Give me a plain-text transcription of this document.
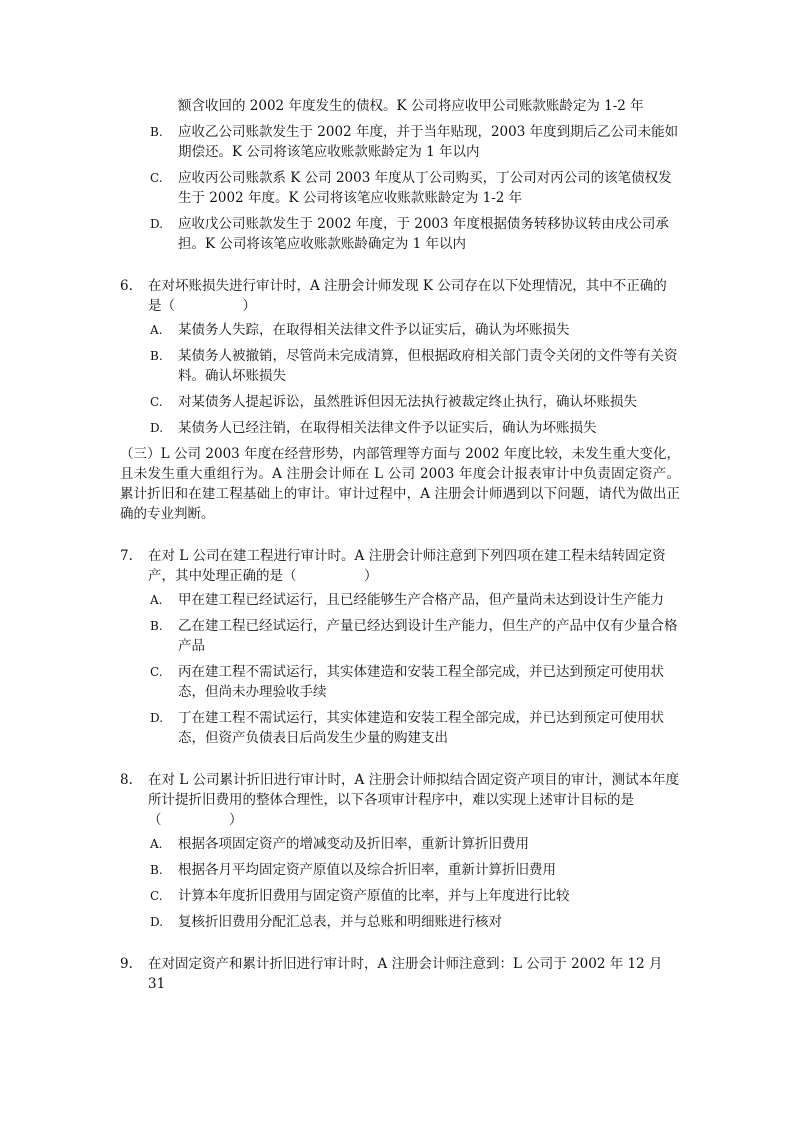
额含收回的 2002 年度发生的债权。K 公司将应收甲公司账款账龄定为 1-2 年
B.	应收乙公司账款发生于 2002 年度，并于当年贴现，2003 年度到期后乙公司未能如期偿还。K 公司将该笔应收账款账龄定为 1 年以内
C.	应收丙公司账款系 K 公司 2003 年度从丁公司购买，丁公司对丙公司的该笔债权发生于 2002 年度。K 公司将该笔应收账款账龄定为 1-2 年
D.	应收戊公司账款发生于 2002 年度，于 2003 年度根据债务转移协议转由戌公司承担。K 公司将该笔应收账款账龄确定为 1 年以内
6.	在对坏账损失进行审计时，A 注册会计师发现 K 公司存在以下处理情况，其中不正确的是（　　　　　）
A.	某债务人失踪，在取得相关法律文件予以证实后，确认为坏账损失
B.	某债务人被撤销，尽管尚未完成清算，但根据政府相关部门责令关闭的文件等有关资料。确认坏账损失
C.	对某债务人提起诉讼，虽然胜诉但因无法执行被裁定终止执行，确认坏账损失
D.	某债务人已经注销，在取得相关法律文件予以证实后，确认为坏账损失
（三）L 公司 2003 年度在经营形势，内部管理等方面与 2002 年度比较，未发生重大变化，且未发生重大重组行为。A 注册会计师在 L 公司 2003 年度会计报表审计中负责固定资产。累计折旧和在建工程基础上的审计。审计过程中，A 注册会计师遇到以下问题，请代为做出正确的专业判断。
7.	在对 L 公司在建工程进行审计时。A 注册会计师注意到下列四项在建工程未结转固定资产，其中处理正确的是（　　　　　）
A.	甲在建工程已经试运行，且已经能够生产合格产品，但产量尚未达到设计生产能力
B.	乙在建工程已经试运行，产量已经达到设计生产能力，但生产的产品中仅有少量合格产品
C.	丙在建工程不需试运行，其实体建造和安装工程全部完成，并已达到预定可使用状态，但尚未办理验收手续
D.	丁在建工程不需试运行，其实体建造和安装工程全部完成，并已达到预定可使用状态，但资产负债表日后尚发生少量的购建支出
8.	在对 L 公司累计折旧进行审计时，A 注册会计师拟结合固定资产项目的审计，测试本年度所计提折旧费用的整体合理性，以下各项审计程序中，难以实现上述审计目标的是（　　　　　）
A.	根据各项固定资产的增减变动及折旧率，重新计算折旧费用
B.	根据各月平均固定资产原值以及综合折旧率，重新计算折旧费用
C.	计算本年度折旧费用与固定资产原值的比率，并与上年度进行比较
D.	复核折旧费用分配汇总表，并与总账和明细账进行核对
9.	在对固定资产和累计折旧进行审计时，A 注册会计师注意到：L 公司于 2002 年 12 月 31
